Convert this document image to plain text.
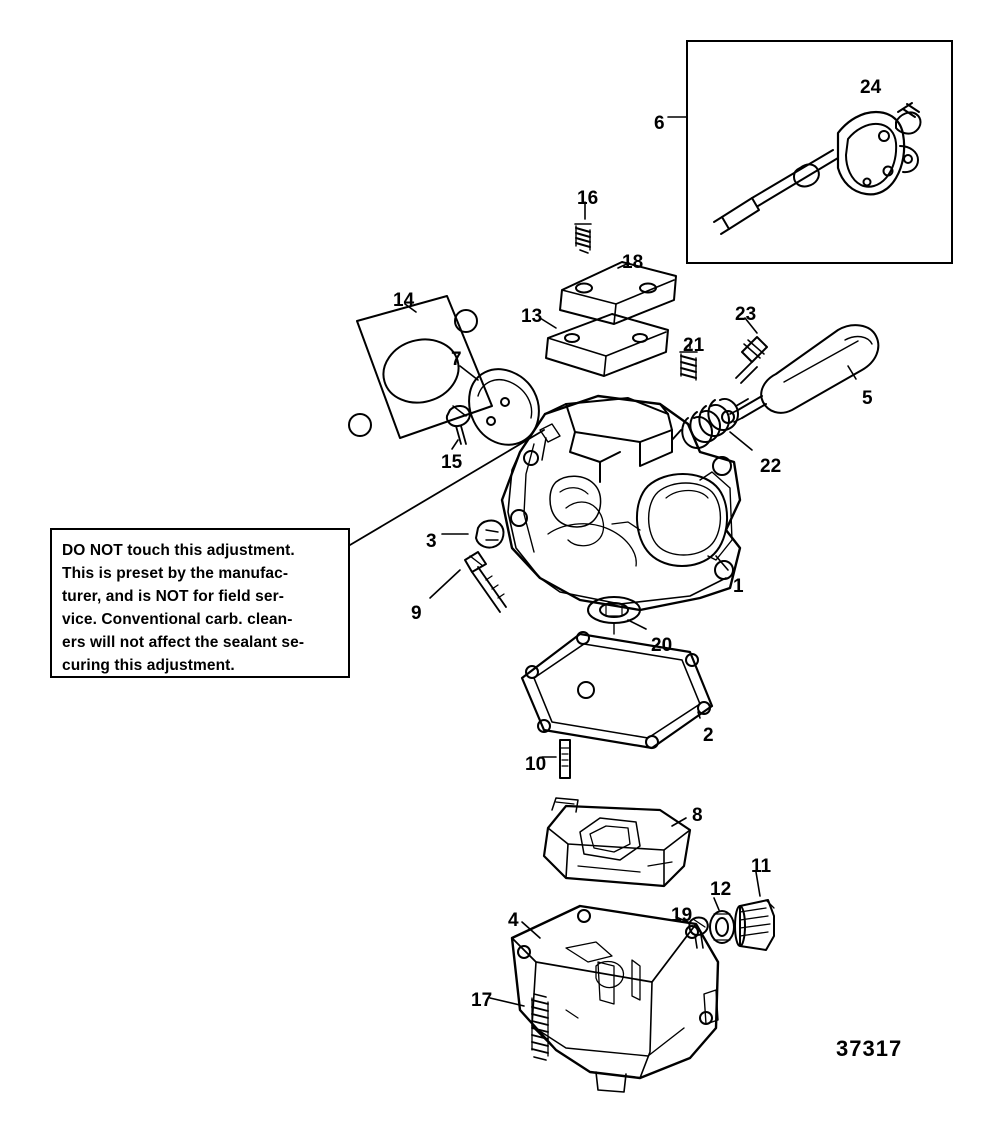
DO NOT touch this adjustment.
This is preset by the manufac-
turer, and is NOT for field ser-
vice. Conventional carb. clean-
ers will not affect the sealant se-
curing this adjustment.
24
6
16
18
14
13	23
21
7
5
15	22
3
1
9
20
2
10
8
11
12
19
4
17
37317
